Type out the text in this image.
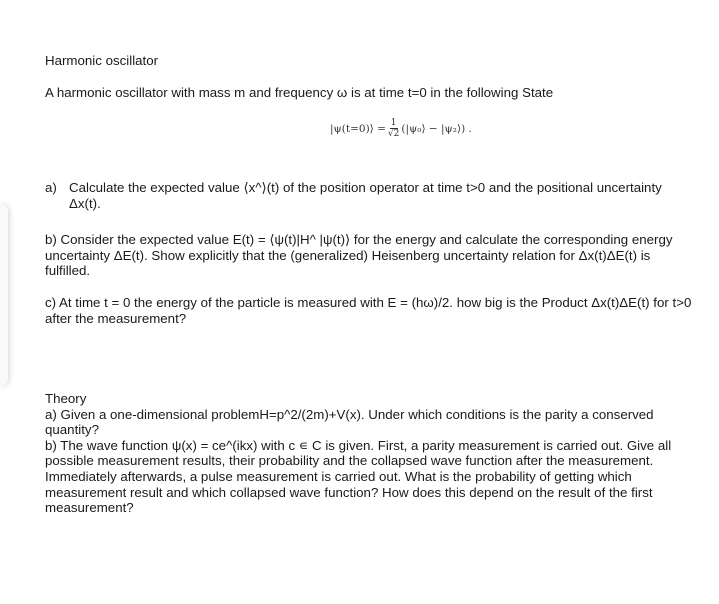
Harmonic oscillator
A harmonic oscillator with mass m and frequency ω is at time t=0 in the following State
|ψ(t=0)⟩ = $\frac{1}{√2}$ (|ψ₀⟩ − |ψ₂⟩) .
a) Calculate the expected value ⟨x^⟩(t) of the position operator at time t>0 and the positional uncertainty Δx(t).

b) Consider the expected value E(t) = ⟨ψ(t)|H^ |ψ(t)⟩ for the energy and calculate the corresponding energy uncertainty ΔE(t). Show explicitly that the (generalized) Heisenberg uncertainty relation for Δx(t)ΔE(t) is fulfilled.

c) At time t = 0 the energy of the particle is measured with E = (hω)/2. how big is the Product Δx(t)ΔE(t) for t>0 after the measurement?

Theory

a) Given a one-dimensional problemH=p^2/(2m)+V(x). Under which conditions is the parity a conserved quantity?

b) The wave function ψ(x) = ce^(ikx) with c ∊ C is given. First, a parity measurement is carried out. Give all possible measurement results, their probability and the collapsed wave function after the measurement. Immediately afterwards, a pulse measurement is carried out. What is the probability of getting which measurement result and which collapsed wave function? How does this depend on the result of the first measurement?
